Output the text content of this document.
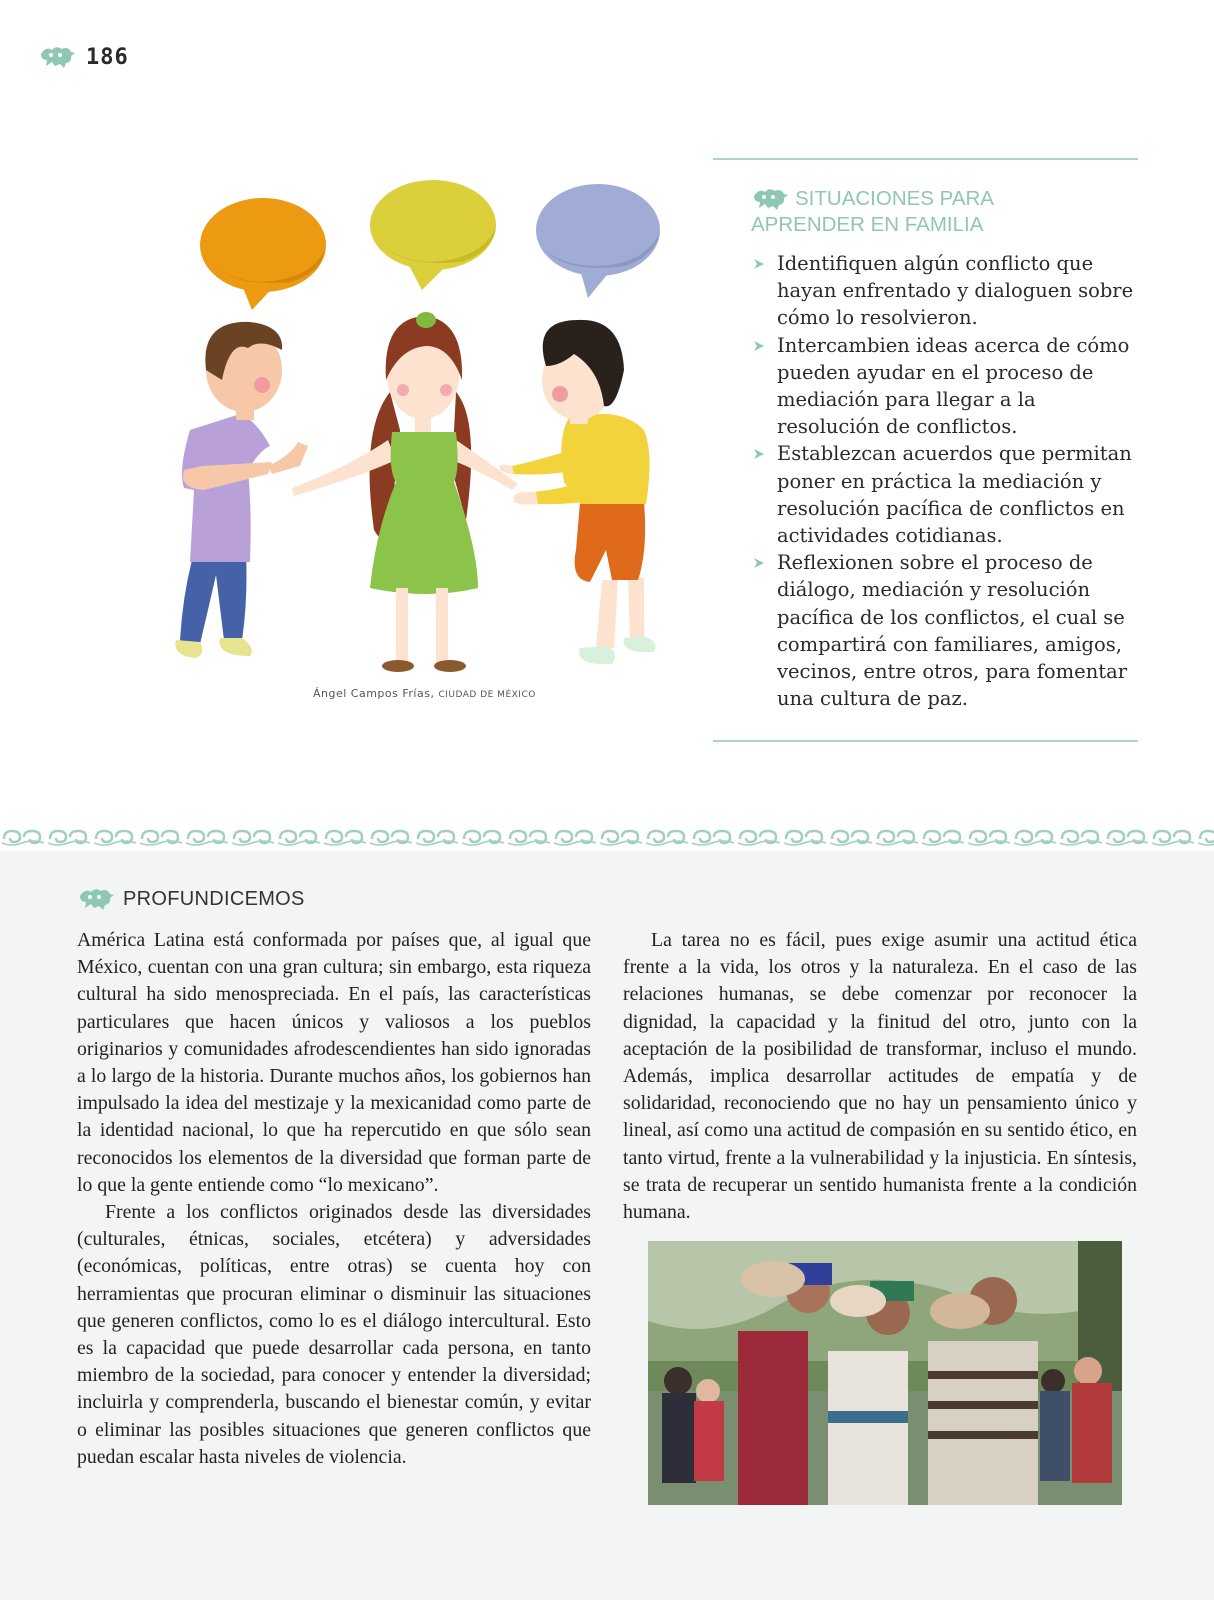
186
Ángel Campos Frías, CIUDAD DE MÉXICO
SITUACIONES PARA
APRENDER EN FAMILIA
Identifiquen algún conflicto que hayan enfrentado y dialoguen sobre cómo lo resolvieron.
Intercambien ideas acerca de cómo pueden ayudar en el proceso de mediación para llegar a la resolución de conflictos.
Establezcan acuerdos que permitan poner en práctica la mediación y resolución pacífica de conflictos en actividades cotidianas.
Reflexionen sobre el proceso de diálogo, mediación y resolución pacífica de los conflictos, el cual se compartirá con familiares, amigos, vecinos, entre otros, para fomentar una cultura de paz.
PROFUNDICEMOS

América Latina está conformada por países que, al igual que México, cuentan con una gran cultura; sin embargo, esta riqueza cultural ha sido menospreciada. En el país, las características particulares que hacen únicos y valiosos a los pueblos originarios y comunidades afrodescendientes han sido ignoradas a lo largo de la historia. Durante muchos años, los gobiernos han impulsado la idea del mestizaje y la mexicanidad como parte de la identidad nacional, lo que ha repercutido en que sólo sean reconocidos los elementos de la diversidad que forman parte de lo que la gente entiende como “lo mexicano”.

Frente a los conflictos originados desde las diversidades (culturales, étnicas, sociales, etcétera) y adversidades (económicas, políticas, entre otras) se cuenta hoy con herramientas que procuran eliminar o disminuir las situaciones que generen conflictos, como lo es el diálogo intercultural. Esto es la capacidad que puede desarrollar cada persona, en tanto miembro de la sociedad, para conocer y entender la diversidad; incluirla y comprenderla, buscando el bienestar común, y evitar o eliminar las posibles situaciones que generen conflictos que puedan escalar hasta niveles de violencia.

La tarea no es fácil, pues exige asumir una actitud ética frente a la vida, los otros y la naturaleza. En el caso de las relaciones humanas, se debe comenzar por reconocer la dignidad, la capacidad y la finitud del otro, junto con la aceptación de la posibilidad de transformar, incluso el mundo. Además, implica desarrollar actitudes de empatía y de solidaridad, reconociendo que no hay un pensamiento único y lineal, así como una actitud de compasión en su sentido ético, en tanto virtud, frente a la vulnerabilidad y la injusticia. En síntesis, se trata de recuperar un sentido humanista frente a la condición humana.
